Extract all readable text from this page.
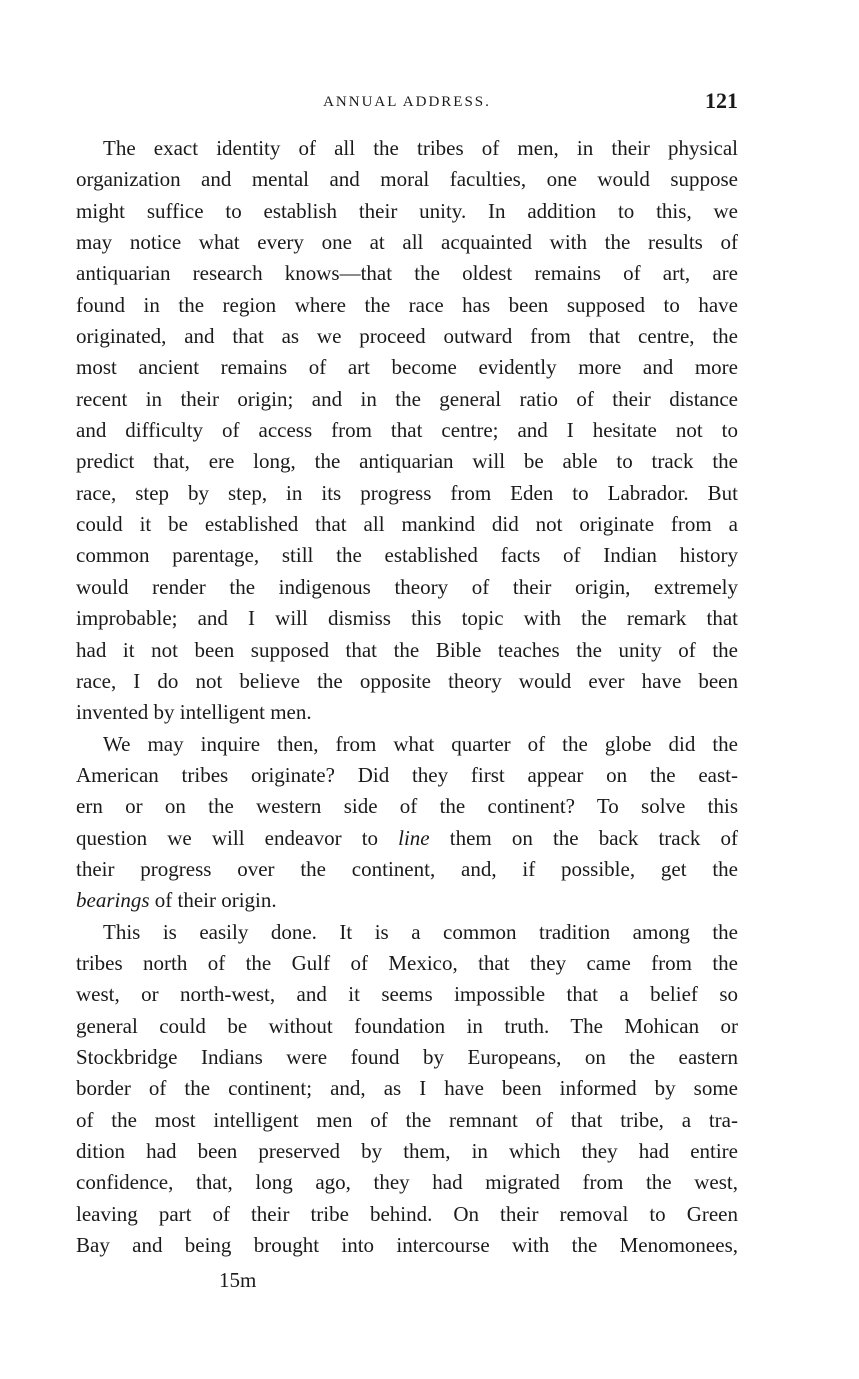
ANNUAL ADDRESS.	121
The exact identity of all the tribes of men, in their physical
organization and mental and moral faculties, one would suppose
might suffice to establish their unity. In addition to this, we
may notice what every one at all acquainted with the results of
antiquarian research knows—that the oldest remains of art, are
found in the region where the race has been supposed to have
originated, and that as we proceed outward from that centre, the
most ancient remains of art become evidently more and more
recent in their origin; and in the general ratio of their distance
and difficulty of access from that centre; and I hesitate not to
predict that, ere long, the antiquarian will be able to track the
race, step by step, in its progress from Eden to Labrador. But
could it be established that all mankind did not originate from a
common parentage, still the established facts of Indian history
would render the indigenous theory of their origin, extremely
improbable; and I will dismiss this topic with the remark that
had it not been supposed that the Bible teaches the unity of the
race, I do not believe the opposite theory would ever have been
invented by intelligent men.
We may inquire then, from what quarter of the globe did the
American tribes originate? Did they first appear on the east-
ern or on the western side of the continent? To solve this
question we will endeavor to line them on the back track of
their progress over the continent, and, if possible, get the
bearings of their origin.
This is easily done. It is a common tradition among the
tribes north of the Gulf of Mexico, that they came from the
west, or north-west, and it seems impossible that a belief so
general could be without foundation in truth. The Mohican or
Stockbridge Indians were found by Europeans, on the eastern
border of the continent; and, as I have been informed by some
of the most intelligent men of the remnant of that tribe, a tra-
dition had been preserved by them, in which they had entire
confidence, that, long ago, they had migrated from the west,
leaving part of their tribe behind. On their removal to Green
Bay and being brought into intercourse with the Menomonees,
15m
